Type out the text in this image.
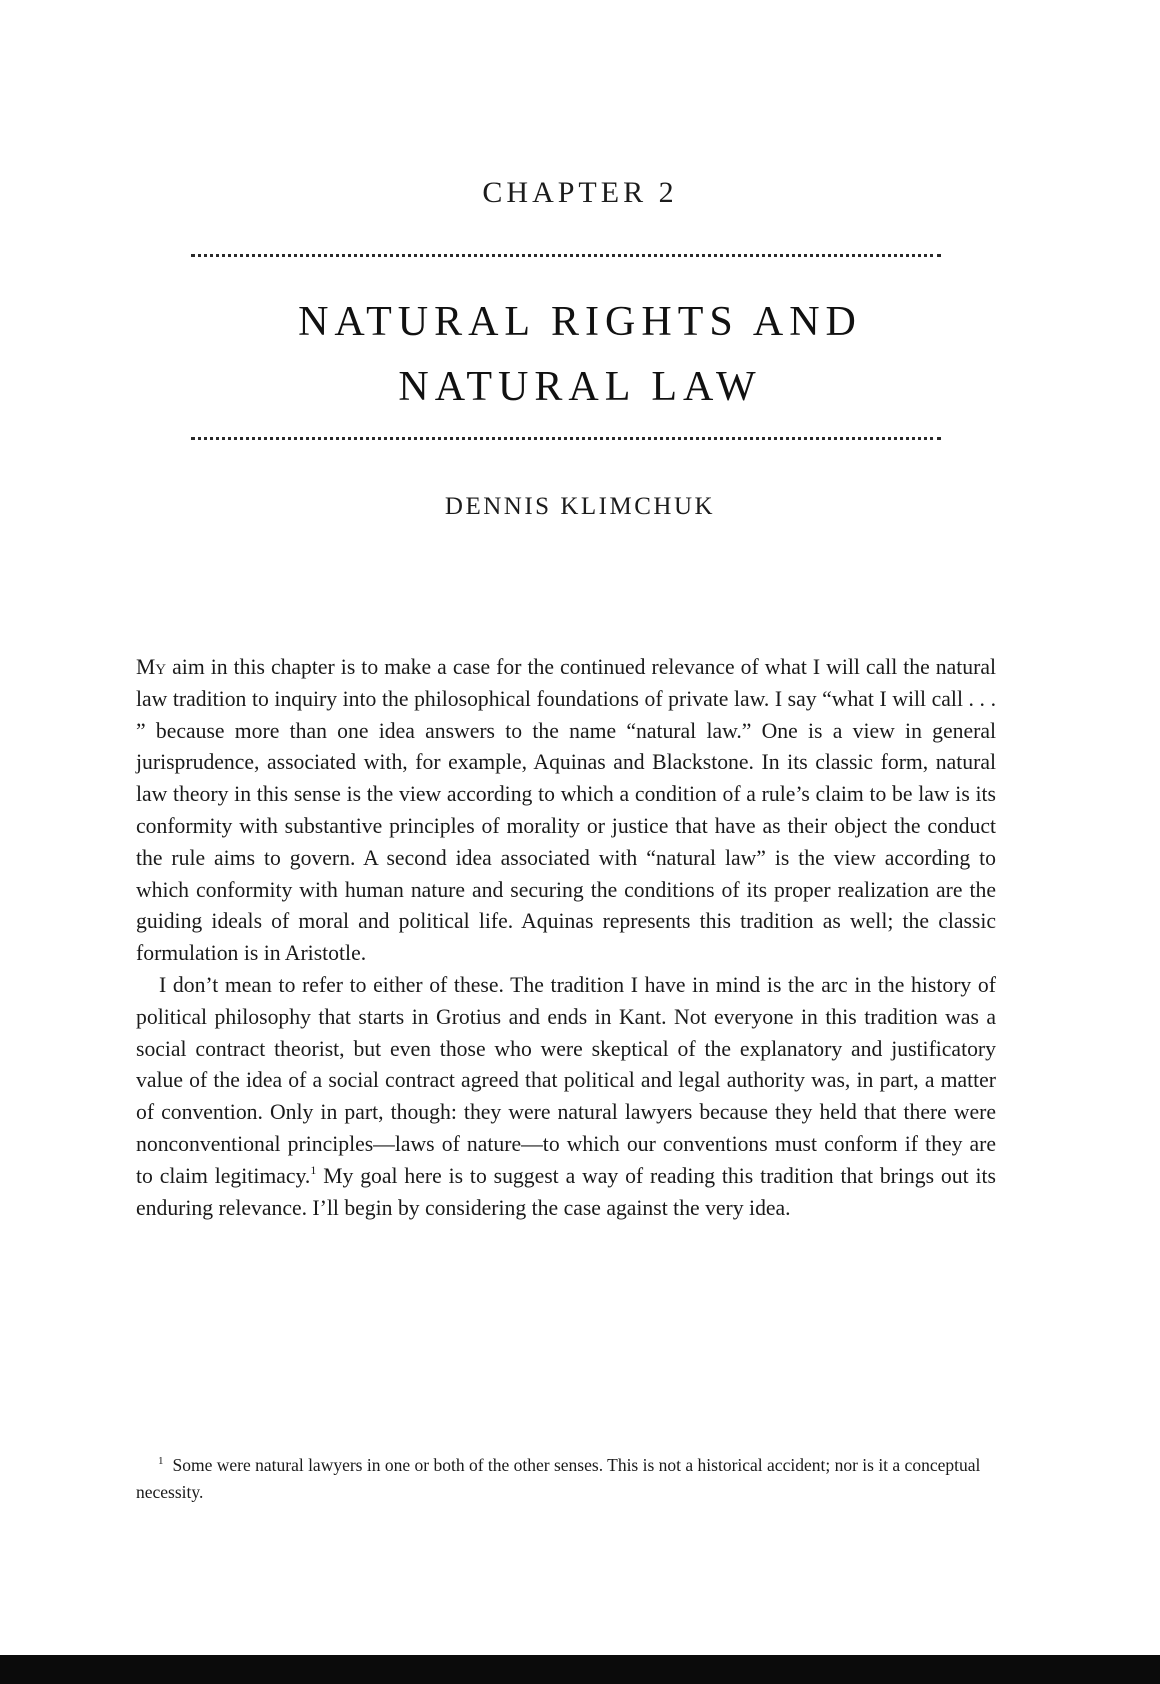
CHAPTER 2
NATURAL RIGHTS AND
NATURAL LAW
DENNIS KLIMCHUK

My aim in this chapter is to make a case for the continued relevance of what I will call the natural law tradition to inquiry into the philosophical foundations of private law. I say “what I will call . . . ” because more than one idea answers to the name “natural law.” One is a view in general jurisprudence, associated with, for example, Aquinas and Blackstone. In its classic form, natural law theory in this sense is the view according to which a condition of a rule’s claim to be law is its conformity with substantive principles of morality or justice that have as their object the conduct the rule aims to govern. A second idea associated with “natural law” is the view according to which conformity with human nature and securing the conditions of its proper realization are the guiding ideals of moral and political life. Aquinas represents this tradition as well; the classic formulation is in Aristotle.

I don’t mean to refer to either of these. The tradition I have in mind is the arc in the history of political philosophy that starts in Grotius and ends in Kant. Not everyone in this tradition was a social contract theorist, but even those who were skeptical of the explanatory and justificatory value of the idea of a social contract agreed that political and legal authority was, in part, a matter of convention. Only in part, though: they were natural lawyers because they held that there were nonconventional principles—laws of nature—to which our conventions must conform if they are to claim legitimacy.$^1$ My goal here is to suggest a way of reading this tradition that brings out its enduring relevance. I’ll begin by considering the case against the very idea.

$^1$ Some were natural lawyers in one or both of the other senses. This is not a historical accident; nor is it a conceptual necessity.
